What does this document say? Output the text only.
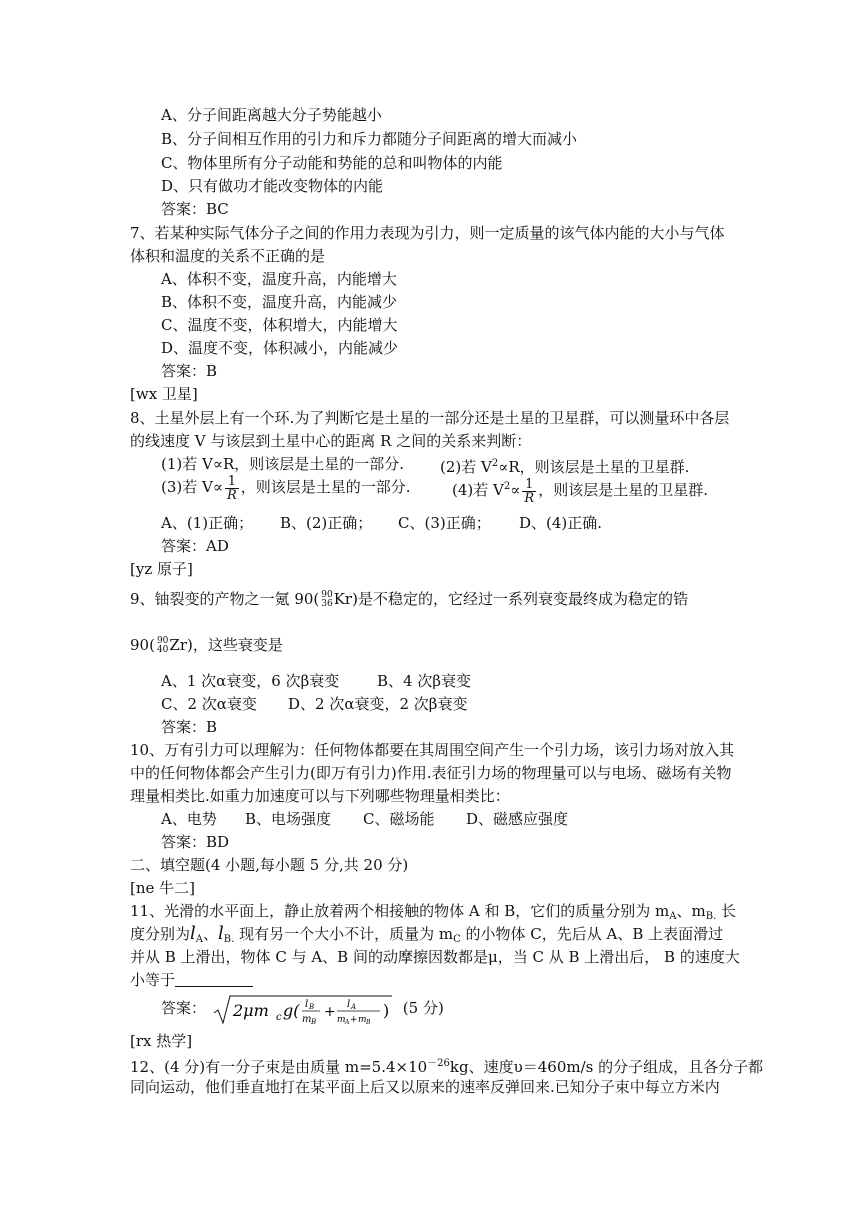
A、分子间距离越大分子势能越小
B、分子间相互作用的引力和斥力都随分子间距离的增大而减小
C、物体里所有分子动能和势能的总和叫物体的内能
D、只有做功才能改变物体的内能
答案：BC
7、若某种实际气体分子之间的作用力表现为引力，则一定质量的该气体内能的大小与气体
体积和温度的关系不正确的是
A、体积不变，温度升高，内能增大
B、体积不变，温度升高，内能减少
C、温度不变，体积增大，内能增大
D、温度不变，体积减小，内能减少
答案：B
[wx 卫星]
8、土星外层上有一个环.为了判断它是土星的一部分还是土星的卫星群，可以测量环中各层
的线速度 V 与该层到土星中心的距离 R 之间的关系来判断：
(1)若 V∝R，则该层是土星的一部分. (2)若 $V^2\propto R$，则该层是土星的卫星群.
(3)若 $V\propto \frac{1}{R}$ ，则该层是土星的一部分.	(4)若 $V^2\propto \frac{1}{R}$ ，则该层是土星的卫星群.
A、(1)正确； B、(2)正确； C、(3)正确； D、(4)正确.
答案：AD
[yz 原子]
9、铀裂变的产物之一氪 90( 90
36 Kr)是不稳定的，它经过一系列衰变最终成为稳定的锆
90( 90
40 Zr)，这些衰变是
A、1 次α衰变，6 次β衰变	B、4 次β衰变
C、2 次α衰变 D、2 次α衰变，2 次β衰变
答案：B
10、万有引力可以理解为：任何物体都要在其周围空间产生一个引力场，该引力场对放入其
中的任何物体都会产生引力(即万有引力)作用.表征引力场的物理量可以与电场、磁场有关物
理量相类比.如重力加速度可以与下列哪些物理量相类比：
A、电势 B、电场强度 C、磁场能 D、磁感应强度
答案：BD
二、填空题(4 小题,每小题 5 分,共 20 分)
[ne 牛二]
11、光滑的水平面上，静止放着两个相接触的物体 A 和 B，它们的质量分别为 $m_A$、$m_{B.}$ 长
度分别为$l_A$、$l_{B.}$ 现有另一个大小不计，质量为 $m_C$ 的小物体 C，先后从 A、B 上表面滑过
并从 B 上滑出，物体 C 与 A、B 间的动摩擦因数都是μ，当 C 从 B 上滑出后， B 的速度大
小等于
答案： 2μm c g( l B
m B
+ l A
m A + m B
) (5 分)
[rx 热学]
12、(4 分)有一分子束是由质量 $m=5.4\times 10^{-26}kg$、速度υ＝460m/s 的分子组成，且各分子都
同向运动，他们垂直地打在某平面上后又以原来的速率反弹回来.已知分子束中每立方米内
